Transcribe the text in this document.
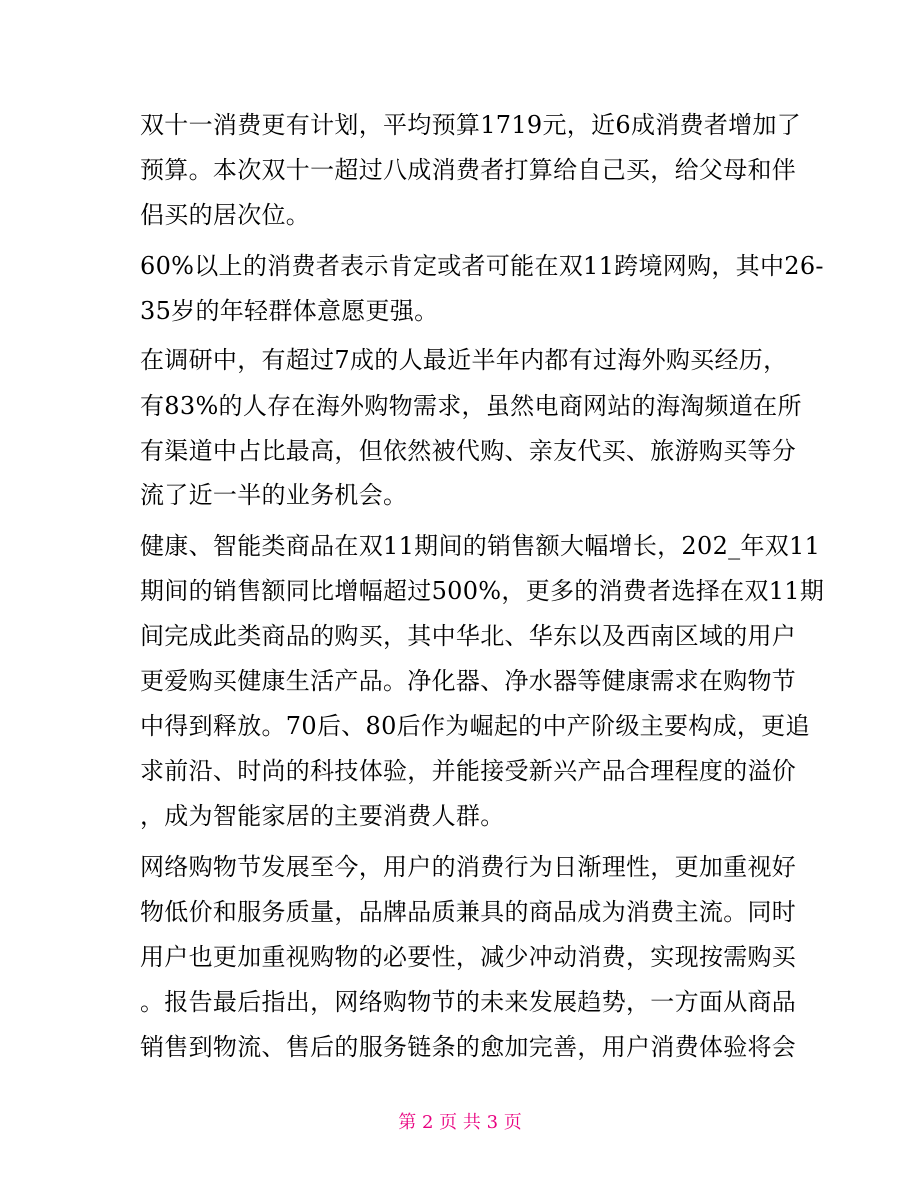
双十一消费更有计划，平均预算1719元，近6成消费者增加了
预算。本次双十一超过八成消费者打算给自己买，给父母和伴
侣买的居次位。
60%以上的消费者表示肯定或者可能在双11跨境网购，其中26-
35岁的年轻群体意愿更强。
在调研中，有超过7成的人最近半年内都有过海外购买经历，
有83%的人存在海外购物需求，虽然电商网站的海淘频道在所
有渠道中占比最高，但依然被代购、亲友代买、旅游购买等分
流了近一半的业务机会。
健康、智能类商品在双11期间的销售额大幅增长，202_年双11
期间的销售额同比增幅超过500%，更多的消费者选择在双11期
间完成此类商品的购买，其中华北、华东以及西南区域的用户
更爱购买健康生活产品。净化器、净水器等健康需求在购物节
中得到释放。70后、80后作为崛起的中产阶级主要构成，更追
求前沿、时尚的科技体验，并能接受新兴产品合理程度的溢价
，成为智能家居的主要消费人群。
网络购物节发展至今，用户的消费行为日渐理性，更加重视好
物低价和服务质量，品牌品质兼具的商品成为消费主流。同时
用户也更加重视购物的必要性，减少冲动消费，实现按需购买
。报告最后指出，网络购物节的未来发展趋势，一方面从商品
销售到物流、售后的服务链条的愈加完善，用户消费体验将会
第 2 页 共 3 页
